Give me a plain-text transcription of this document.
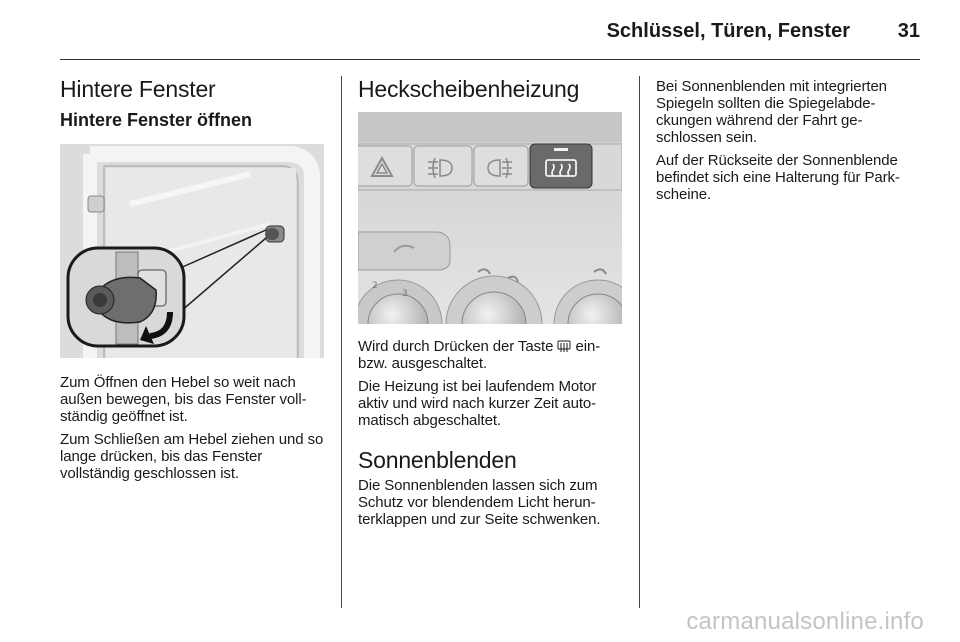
Schlüssel, Türen, Fenster	31
Hintere Fenster
Hintere Fenster öffnen

Zum Öffnen den Hebel so weit nach außen bewegen, bis das Fenster voll-ständig geöffnet ist.

Zum Schließen am Hebel ziehen und so lange drücken, bis das Fenster vollständig geschlossen ist.

Heckscheibenheizung
2
3

Wird durch Drücken der Taste  ein-bzw. ausgeschaltet.

Die Heizung ist bei laufendem Motor aktiv und wird nach kurzer Zeit auto-matisch abgeschaltet.

Sonnenblenden

Die Sonnenblenden lassen sich zum Schutz vor blendendem Licht herun-terklappen und zur Seite schwenken.

Bei Sonnenblenden mit integrierten Spiegeln sollten die Spiegelabde-ckungen während der Fahrt ge-schlossen sein.

Auf der Rückseite der Sonnenblende befindet sich eine Halterung für Park-scheine.

carmanualsonline.info
